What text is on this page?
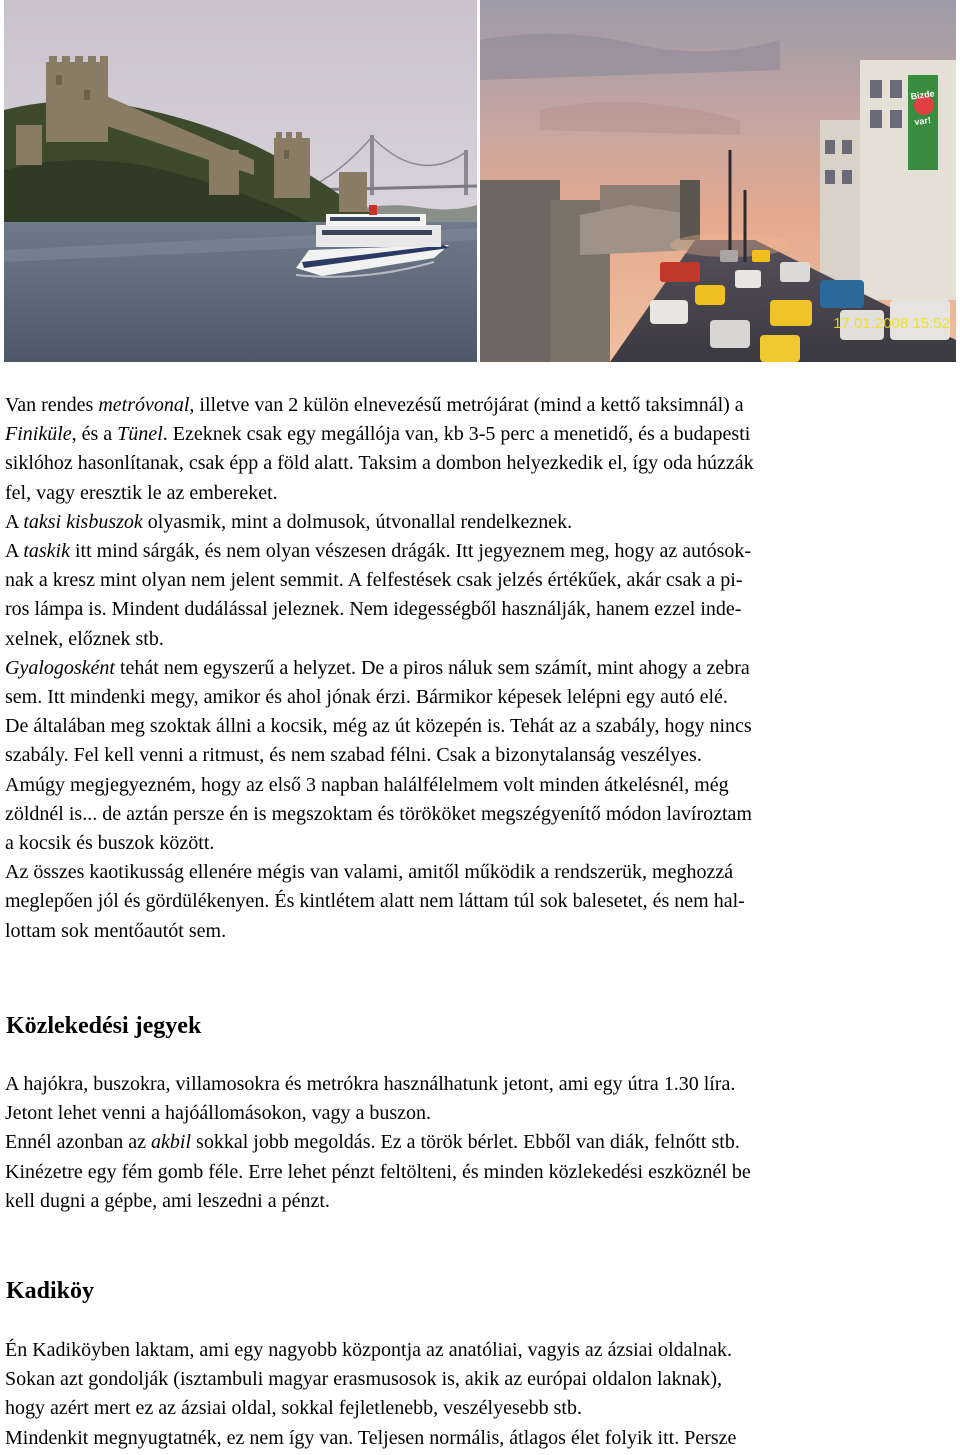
Bizde
var!
17.01.2008 15:52

Van rendes metróvonal, illetve van 2 külön elnevezésű metrójárat (mind a kettő taksimnál) a

Finiküle, és a Tünel. Ezeknek csak egy megállója van, kb 3-5 perc a menetidő, és a budapesti

siklóhoz hasonlítanak, csak épp a föld alatt. Taksim a dombon helyezkedik el, így oda húzzák

fel, vagy eresztik le az embereket.

A taksi kisbuszok olyasmik, mint a dolmusok, útvonallal rendelkeznek.

A taskik itt mind sárgák, és nem olyan vészesen drágák. Itt jegyeznem meg, hogy az autósok-

nak a kresz mint olyan nem jelent semmit. A felfestések csak jelzés értékűek, akár csak a pi-

ros lámpa is. Mindent dudálással jeleznek. Nem idegességből használják, hanem ezzel inde-

xelnek, előznek stb.

Gyalogosként tehát nem egyszerű a helyzet. De a piros náluk sem számít, mint ahogy a zebra

sem. Itt mindenki megy, amikor és ahol jónak érzi. Bármikor képesek lelépni egy autó elé.

De általában meg szoktak állni a kocsik, még az út közepén is. Tehát az a szabály, hogy nincs

szabály. Fel kell venni a ritmust, és nem szabad félni. Csak a bizonytalanság veszélyes.

Amúgy megjegyezném, hogy az első 3 napban halálfélelmem volt minden átkelésnél, még

zöldnél is... de aztán persze én is megszoktam és törököket megszégyenítő módon lavíroztam

a kocsik és buszok között.

Az összes kaotikusság ellenére mégis van valami, amitől működik a rendszerük, meghozzá

meglepően jól és gördülékenyen. És kintlétem alatt nem láttam túl sok balesetet, és nem hal-

lottam sok mentőautót sem.

Közlekedési jegyek

A hajókra, buszokra, villamosokra és metrókra használhatunk jetont, ami egy útra 1.30 líra.

Jetont lehet venni a hajóállomásokon, vagy a buszon.

Ennél azonban az akbil sokkal jobb megoldás. Ez a török bérlet. Ebből van diák, felnőtt stb.

Kinézetre egy fém gomb féle. Erre lehet pénzt feltölteni, és minden közlekedési eszköznél be

kell dugni a gépbe, ami leszedni a pénzt.

Kadiköy

Én Kadiköyben laktam, ami egy nagyobb központja az anatóliai, vagyis az ázsiai oldalnak.

Sokan azt gondolják (isztambuli magyar erasmusosok is, akik az európai oldalon laknak),

hogy azért mert ez az ázsiai oldal, sokkal fejletlenebb, veszélyesebb stb.

Mindenkit megnyugtatnék, ez nem így van. Teljesen normális, átlagos élet folyik itt. Persze
